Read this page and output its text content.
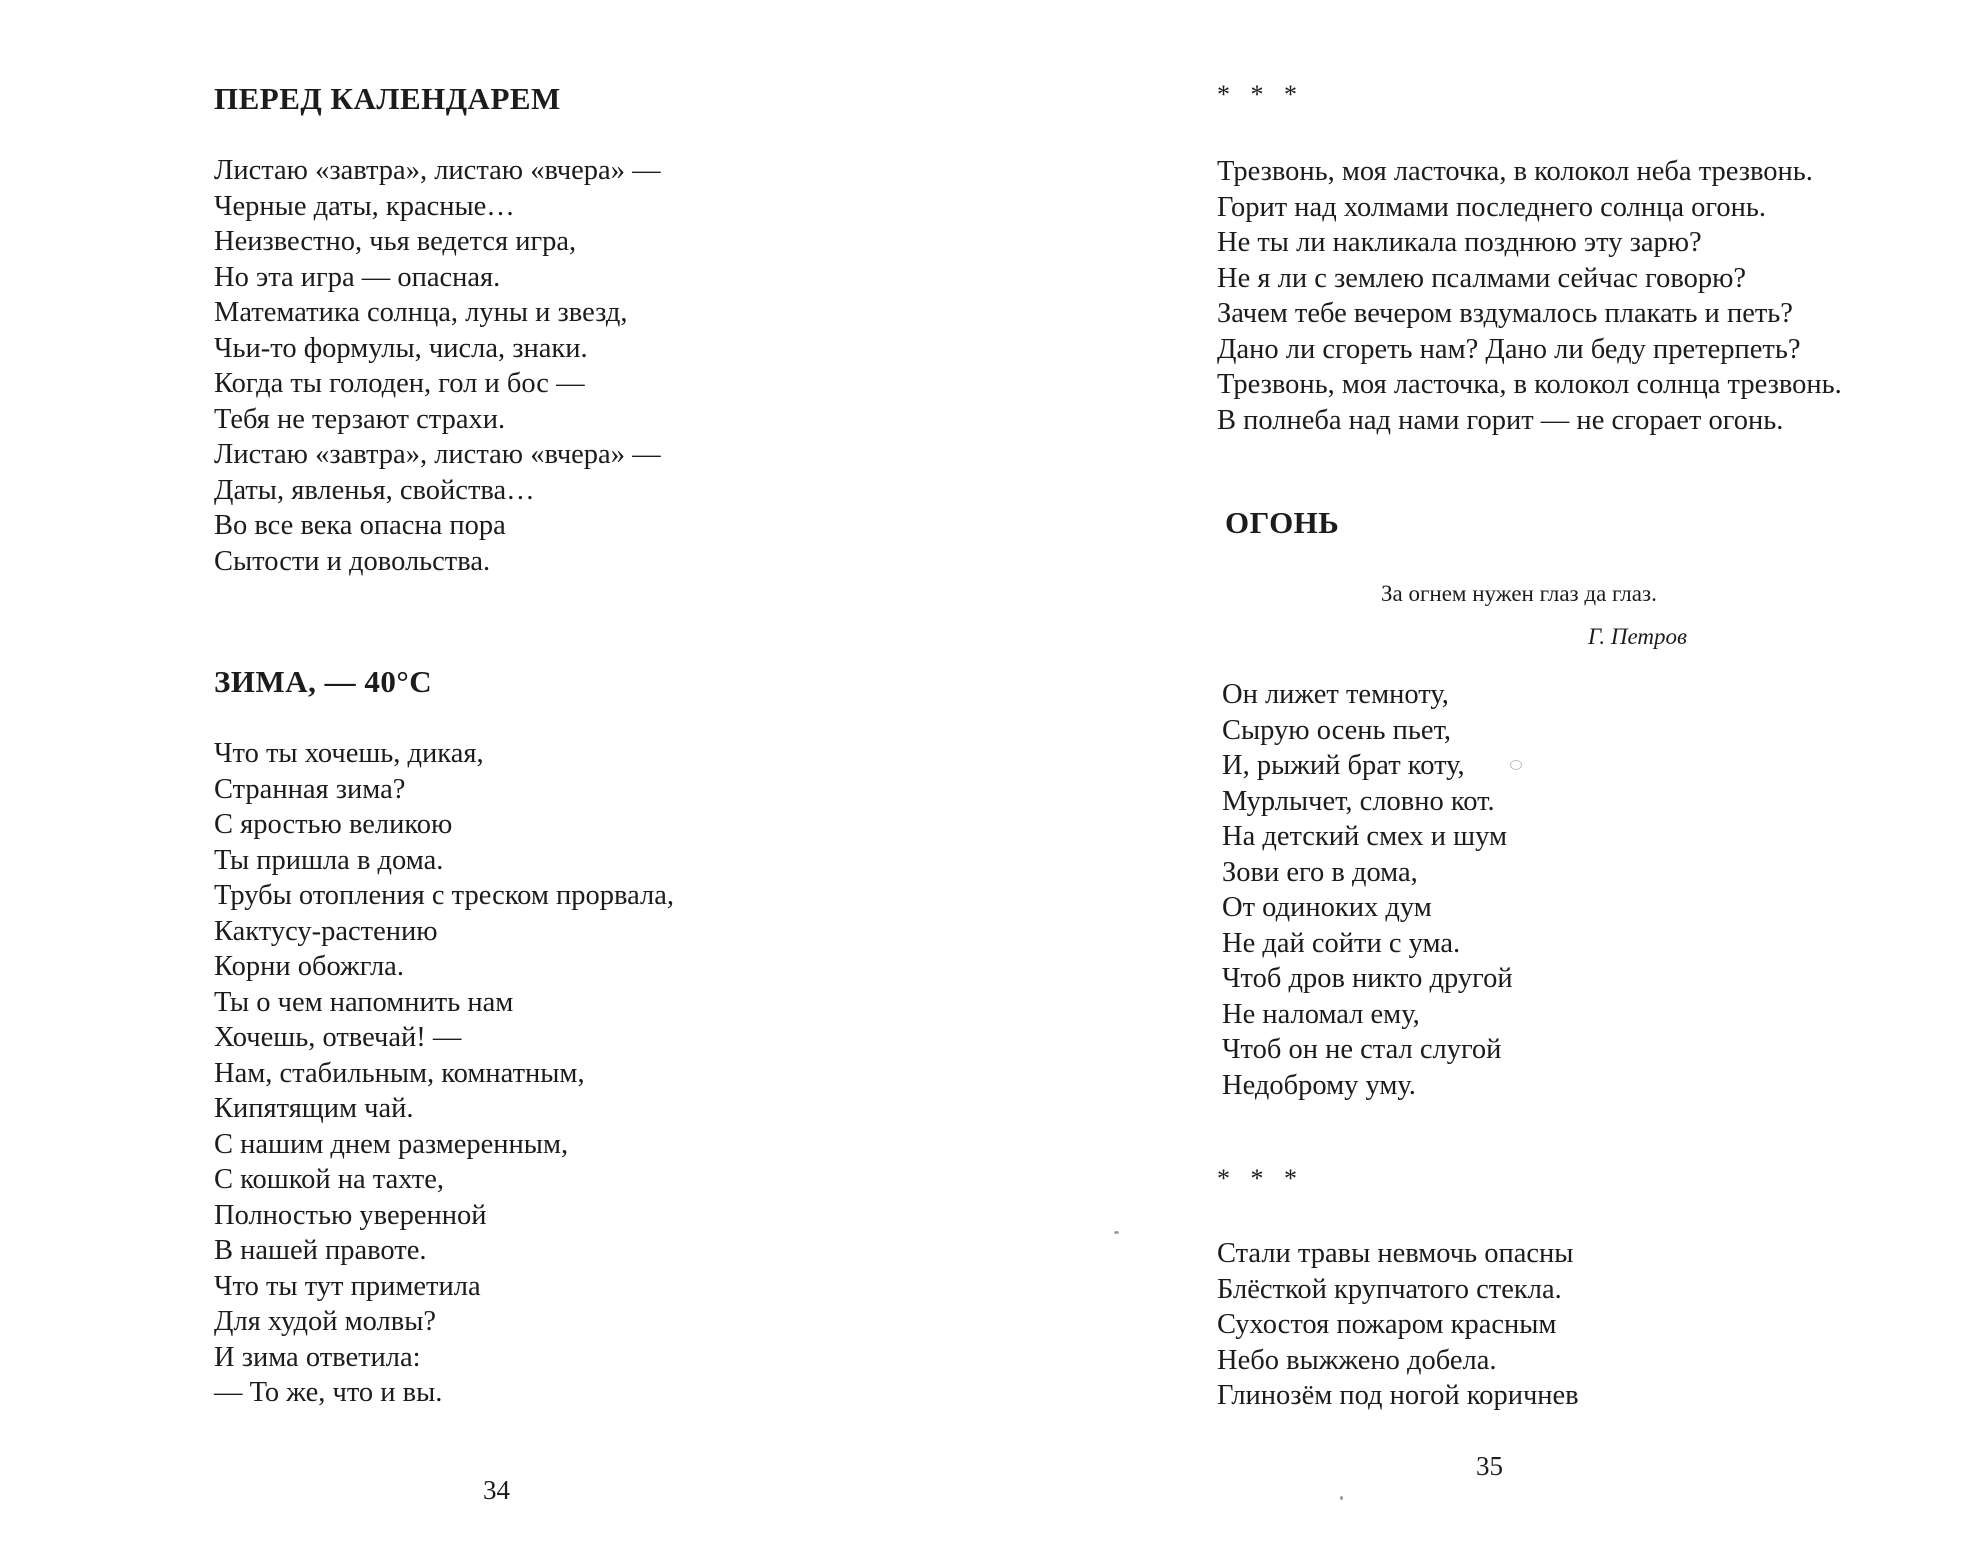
ПЕРЕД КАЛЕНДАРЕМ
Листаю «завтра», листаю «вчера» —
Черные даты, красные…
Неизвестно, чья ведется игра,
Но эта игра — опасная.
Математика солнца, луны и звезд,
Чьи-то формулы, числа, знаки.
Когда ты голоден, гол и бос —
Тебя не терзают страхи.
Листаю «завтра», листаю «вчера» —
Даты, явленья, свойства…
Во все века опасна пора
Сытости и довольства.
ЗИМА, — 40°С
Что ты хочешь, дикая,
Странная зима?
С яростью великою
Ты пришла в дома.
Трубы отопления с треском прорвала,
Кактусу-растению
Корни обожгла.
Ты о чем напомнить нам
Хочешь, отвечай! —
Нам, стабильным, комнатным,
Кипятящим чай.
С нашим днем размеренным,
С кошкой на тахте,
Полностью уверенной
В нашей правоте.
Что ты тут приметила
Для худой молвы?
И зима ответила:
— То же, что и вы.
34
* * *
Трезвонь, моя ласточка, в колокол неба трезвонь.
Горит над холмами последнего солнца огонь.
Не ты ли накликала позднюю эту зарю?
Не я ли с землею псалмами сейчас говорю?
Зачем тебе вечером вздумалось плакать и петь?
Дано ли сгореть нам? Дано ли беду претерпеть?
Трезвонь, моя ласточка, в колокол солнца трезвонь.
В полнеба над нами горит — не сгорает огонь.
ОГОНЬ
За огнем нужен глаз да глаз.
Г. Петров
Он лижет темноту,
Сырую осень пьет,
И, рыжий брат коту,
Мурлычет, словно кот.
На детский смех и шум
Зови его в дома,
От одиноких дум
Не дай сойти с ума.
Чтоб дров никто другой
Не наломал ему,
Чтоб он не стал слугой
Недоброму уму.
* * *
Стали травы невмочь опасны
Блёсткой крупчатого стекла.
Сухостоя пожаром красным
Небо выжжено добела.
Глинозём под ногой коричнев
35
